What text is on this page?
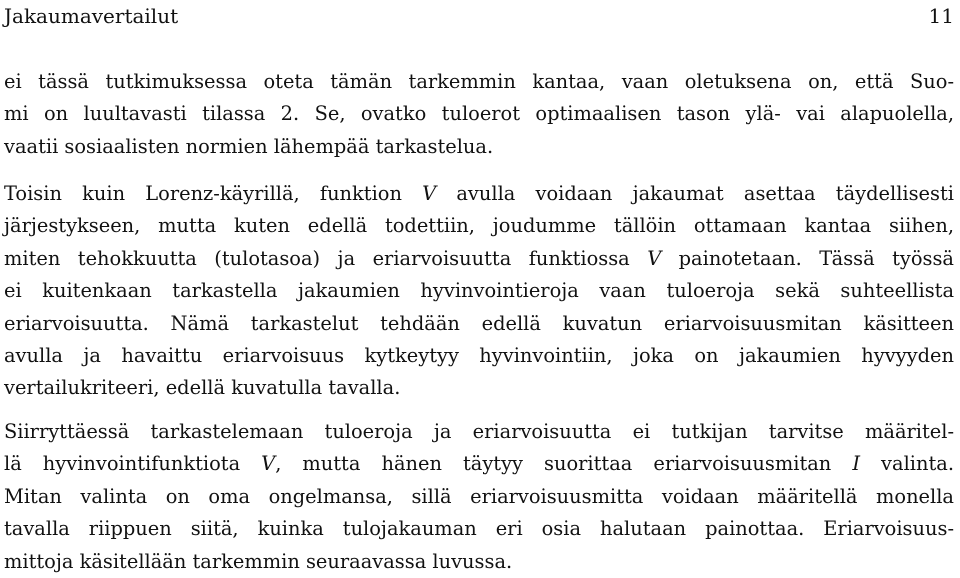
Jakaumavertailut	11

ei tässä tutkimuksessa oteta tämän tarkemmin kantaa, vaan oletuksena on, että Suo-
mi on luultavasti tilassa 2. Se, ovatko tuloerot optimaalisen tason ylä- vai alapuolella,
vaatii sosiaalisten normien lähempää tarkastelua.

Toisin kuin Lorenz-käyrillä, funktion V avulla voidaan jakaumat asettaa täydellisesti
järjestykseen, mutta kuten edellä todettiin, joudumme tällöin ottamaan kantaa siihen,
miten tehokkuutta (tulotasoa) ja eriarvoisuutta funktiossa V painotetaan. Tässä työssä
ei kuitenkaan tarkastella jakaumien hyvinvointieroja vaan tuloeroja sekä suhteellista
eriarvoisuutta. Nämä tarkastelut tehdään edellä kuvatun eriarvoisuusmitan käsitteen
avulla ja havaittu eriarvoisuus kytkeytyy hyvinvointiin, joka on jakaumien hyvyyden
vertailukriteeri, edellä kuvatulla tavalla.

Siirryttäessä tarkastelemaan tuloeroja ja eriarvoisuutta ei tutkijan tarvitse määritel-
lä hyvinvointifunktiota V, mutta hänen täytyy suorittaa eriarvoisuusmitan I valinta.
Mitan valinta on oma ongelmansa, sillä eriarvoisuusmitta voidaan määritellä monella
tavalla riippuen siitä, kuinka tulojakauman eri osia halutaan painottaa. Eriarvoisuus-
mittoja käsitellään tarkemmin seuraavassa luvussa.
